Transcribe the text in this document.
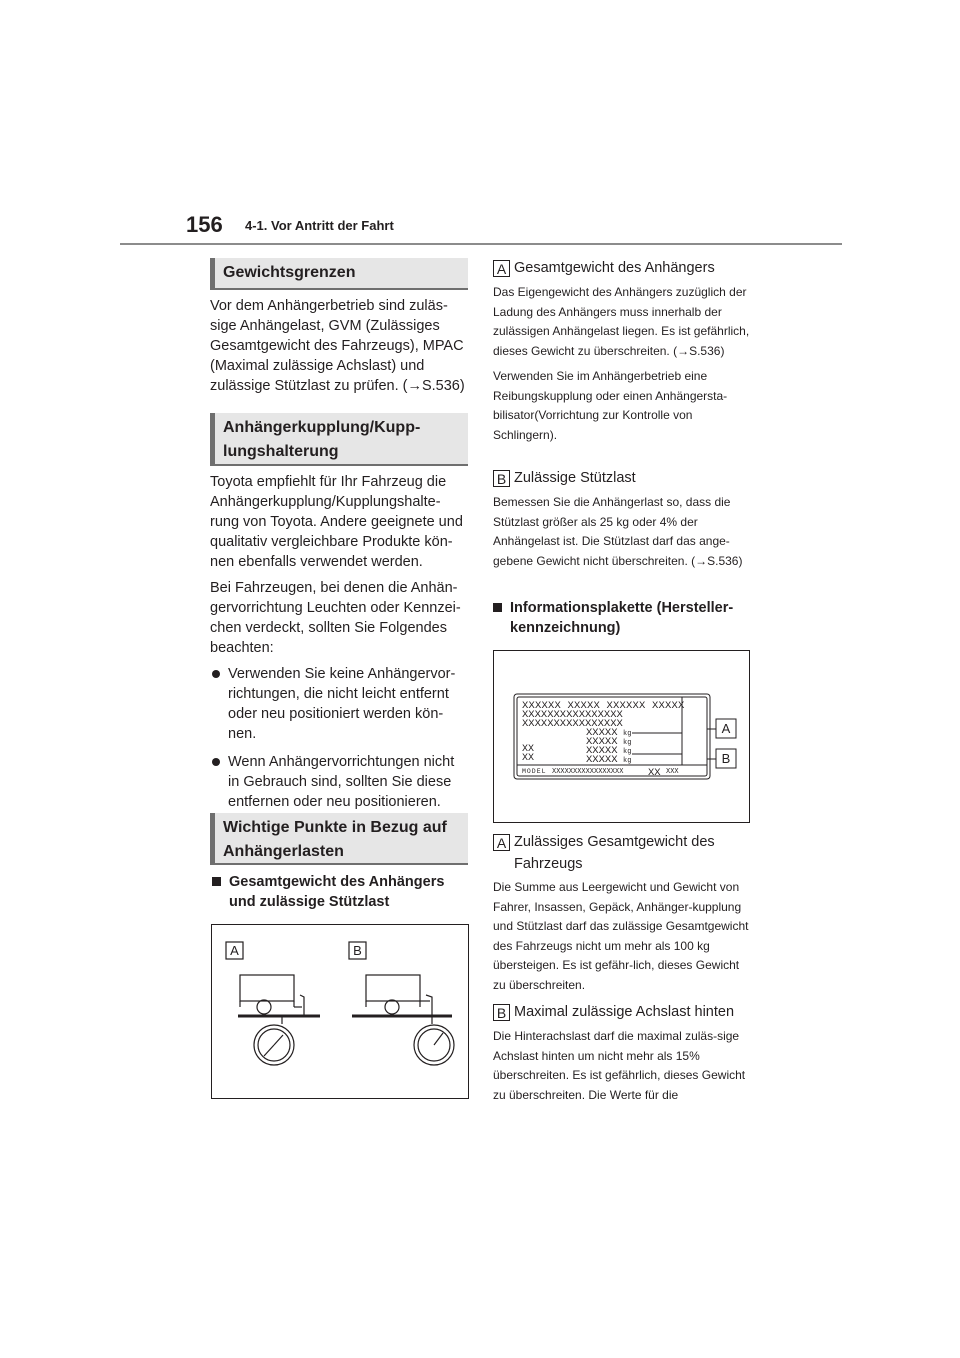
156 4-1. Vor Antritt der Fahrt
Gewichtsgrenzen

Vor dem Anhängerbetrieb sind zuläs-sige Anhängelast, GVM (Zulässiges Gesamtgewicht des Fahrzeugs), MPAC (Maximal zulässige Achslast) und zulässige Stützlast zu prüfen. (→S.536)

Anhängerkupplung/Kupp-
lungshalterung

Toyota empfiehlt für Ihr Fahrzeug die Anhängerkupplung/Kupplungshalte-rung von Toyota. Andere geeignete und qualitativ vergleichbare Produkte kön-nen ebenfalls verwendet werden.

Bei Fahrzeugen, bei denen die Anhän-gervorrichtung Leuchten oder Kennzei-chen verdeckt, sollten Sie Folgendes beachten:

Verwenden Sie keine Anhängervor-richtungen, die nicht leicht entfernt oder neu positioniert werden kön-nen.
Wenn Anhängervorrichtungen nicht in Gebrauch sind, sollten Sie diese entfernen oder neu positionieren.
Wichtige Punkte in Bezug auf
Anhängerlasten
Gesamtgewicht des Anhängers
und zulässige Stützlast
A	B
A Gesamtgewicht des Anhängers

Das Eigengewicht des Anhängers zuzüglich der Ladung des Anhängers muss innerhalb der zulässigen Anhängelast liegen. Es ist gefährlich, dieses Gewicht zu überschreiten. (→S.536)

Verwenden Sie im Anhängerbetrieb eine Reibungskupplung oder einen Anhängersta-bilisator(Vorrichtung zur Kontrolle von Schlingern).

B Zulässige Stützlast

Bemessen Sie die Anhängerlast so, dass die Stützlast größer als 25 kg oder 4% der Anhängelast ist. Die Stützlast darf das ange-gebene Gewicht nicht überschreiten. (→S.536)

Informationsplakette (Hersteller-
kennzeichnung)
XXXXXX XXXXX XXXXXX XXXXX
XXXXXXXXXXXXXXXX
XXXXXXXXXXXXXXXX
XXXXX
XXXXX
XXXXX
XXXXX
kg
kg
kg
kg
XX
XX
MODEL XXXXXXXXXXXXXXXXX XX XXX
A
B
A Zulässiges Gesamtgewicht des Fahrzeugs

Die Summe aus Leergewicht und Gewicht von Fahrer, Insassen, Gepäck, Anhänger-kupplung und Stützlast darf das zulässige Gesamtgewicht des Fahrzeugs nicht um mehr als 100 kg übersteigen. Es ist gefähr-lich, dieses Gewicht zu überschreiten.

B Maximal zulässige Achslast hinten

Die Hinterachslast darf die maximal zuläs-sige Achslast hinten um nicht mehr als 15% überschreiten. Es ist gefährlich, dieses Gewicht zu überschreiten. Die Werte für die
